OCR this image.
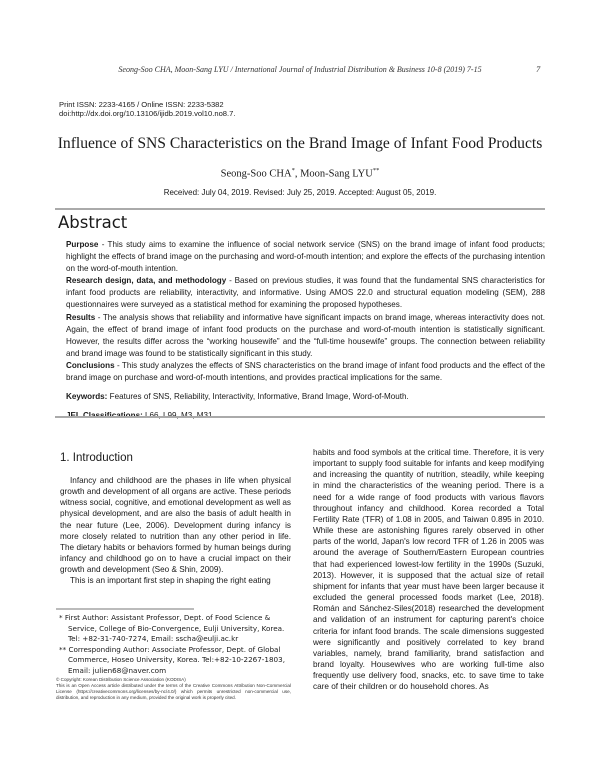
Seong-Soo CHA, Moon-Sang LYU / International Journal of Industrial Distribution & Business 10-8 (2019) 7-15	7
Print ISSN: 2233-4165 / Online ISSN: 2233-5382
doi:http://dx.doi.org/10.13106/ijidb.2019.vol10.no8.7.
Influence of SNS Characteristics on the Brand Image of Infant Food Products
Seong-Soo CHA*, Moon-Sang LYU**
Received: July 04, 2019. Revised: July 25, 2019. Accepted: August 05, 2019.
Abstract

Purpose - This study aims to examine the influence of social network service (SNS) on the brand image of infant food products; highlight the effects of brand image on the purchasing and word-of-mouth intention; and explore the effects of the purchasing intention on the word-of-mouth intention.

Research design, data, and methodology - Based on previous studies, it was found that the fundamental SNS characteristics for infant food products are reliability, interactivity, and informative. Using AMOS 22.0 and structural equation modeling (SEM), 288 questionnaires were surveyed as a statistical method for examining the proposed hypotheses.

Results - The analysis shows that reliability and informative have significant impacts on brand image, whereas interactivity does not. Again, the effect of brand image of infant food products on the purchase and word-of-mouth intention is statistically significant. However, the results differ across the “working housewife” and the “full-time housewife” groups. The connection between reliability and brand image was found to be statistically significant in this study.

Conclusions - This study analyzes the effects of SNS characteristics on the brand image of infant food products and the effect of the brand image on purchase and word-of-mouth intentions, and provides practical implications for the same.

Keywords: Features of SNS, Reliability, Interactivity, Informative, Brand Image, Word-of-Mouth.

1. Introduction

Infancy and childhood are the phases in life when physical growth and development of all organs are active. These periods witness social, cognitive, and emotional development as well as physical development, and are also the basis of adult health in the near future (Lee, 2006). Development during infancy is more closely related to nutrition than any other period in life. The dietary habits or behaviors formed by human beings during infancy and childhood go on to have a crucial impact on their growth and development (Seo & Shin, 2009).

This is an important first step in shaping the right eating

habits and food symbols at the critical time. Therefore, it is very important to supply food suitable for infants and keep modifying and increasing the quantity of nutrition, steadily, while keeping in mind the characteristics of the weaning period. There is a need for a wide range of food products with various flavors throughout infancy and childhood. Korea recorded a Total Fertility Rate (TFR) of 1.08 in 2005, and Taiwan 0.895 in 2010. While these are astonishing figures rarely observed in other parts of the world, Japan's low record TFR of 1.26 in 2005 was around the average of Southern/Eastern European countries that had experienced lowest-low fertility in the 1990s (Suzuki, 2013). However, it is supposed that the actual size of retail shipment for infants that year must have been larger because it excluded the general processed foods market (Lee, 2018). Román and Sánchez-Siles(2018) researched the development and validation of an instrument for capturing parent's choice criteria for infant food brands. The scale dimensions suggested were significantly and positively correlated to key brand variables, namely, brand familiarity, brand satisfaction and brand loyalty. Housewives who are working full-time also frequently use delivery food, snacks, etc. to save time to take care of their children or do household chores. As

* First Author: Assistant Professor, Dept. of Food Science & Service, College of Bio-Convergence, Eulji University, Korea. Tel: +82-31-740-7274, Email: sscha@eulji.ac.kr
** Corresponding Author: Associate Professor, Dept. of Global Commerce, Hoseo University, Korea. Tel:+82-10-2267-1803, Email: julien68@naver.com
© Copyright: Korean Distribution Science Association (KODISA)
This is an Open Access article distributed under the terms of the Creative Commons Attribution Non-Commercial License (https://creativecommons.org/licenses/by-nc/4.0/) which permits unrestricted non-commercial use, distribution, and reproduction in any medium, provided the original work is properly cited.
